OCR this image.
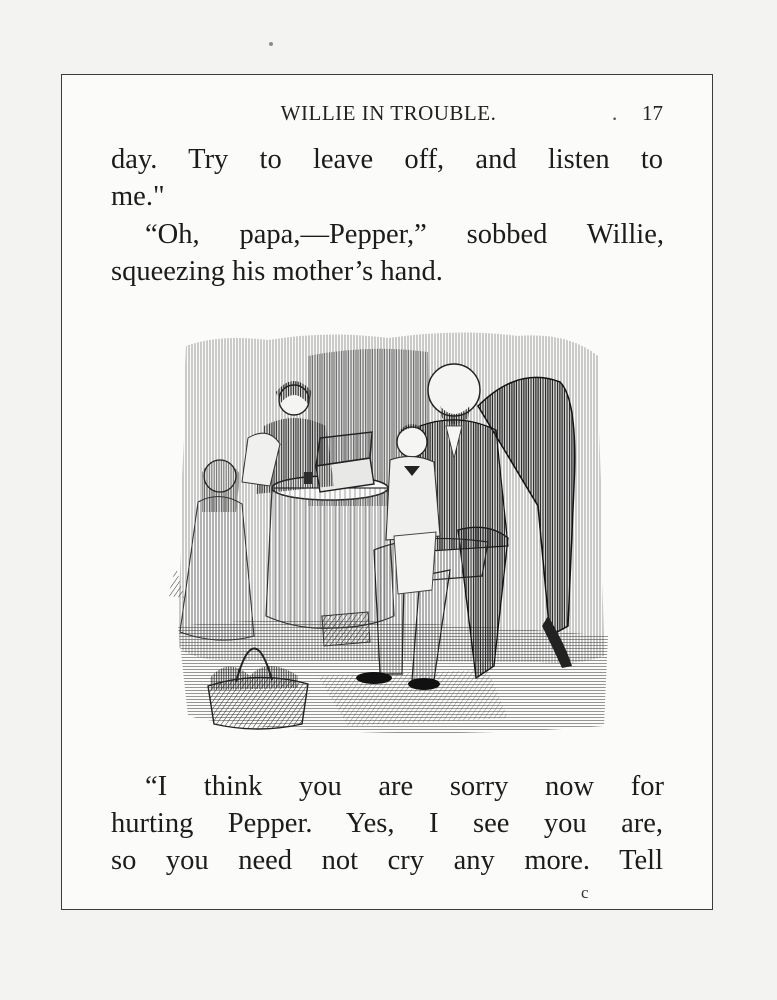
WILLIE IN TROUBLE.	. 17
day. Try to leave off, and listen to
me."
“Oh, papa,—Pepper,” sobbed Willie,
squeezing his mother’s hand.
“I think you are sorry now for
hurting Pepper. Yes, I see you are,
so you need not cry any more. Tell
c
